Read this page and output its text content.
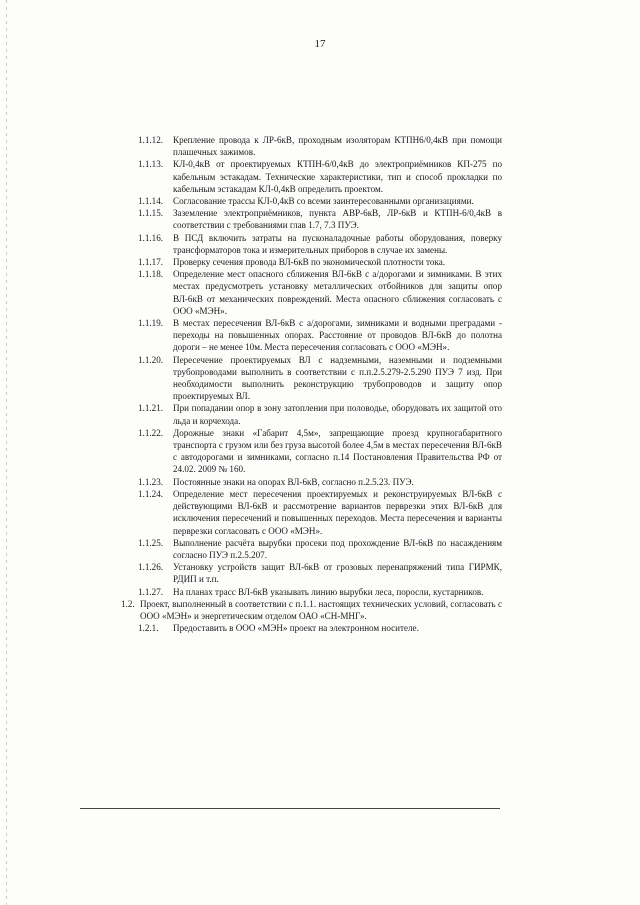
17
1.1.12.	Крепление провода к ЛР-6кВ, проходным изоляторам КТПН6/0,4кВ при помощи плашечных зажимов.
1.1.13.	КЛ-0,4кВ от проектируемых КТПН-6/0,4кВ до электроприёмников КП-275 по кабельным эстакадам. Технические характеристики, тип и способ прокладки по кабельным эстакадам КЛ-0,4кВ определить проектом.
1.1.14.	Согласование трассы КЛ-0,4кВ со всеми заинтересованными организациями.
1.1.15.	Заземление электроприёмников, пункта АВР-6кВ, ЛР-6кВ и КТПН-6/0,4кВ в соответствии с требованиями глав 1.7, 7.3 ПУЭ.
1.1.16.	В ПСД включить затраты на пусконаладочные работы оборудования, поверку трансформаторов тока и измерительных приборов в случае их замены.
1.1.17.	Проверку сечения провода ВЛ-6кВ по экономической плотности тока.
1.1.18.	Определение мест опасного сближения ВЛ-6кВ с а/дорогами и зимниками. В этих местах предусмотреть установку металлических отбойников для защиты опор ВЛ-6кВ от механических повреждений. Места опасного сближения согласовать с ООО «МЭН».
1.1.19.	В местах пересечения ВЛ-6кВ с а/дорогами, зимниками и водными преградами - переходы на повышенных опорах. Расстояние от проводов ВЛ-6кВ до полотна дороги – не менее 10м. Места пересечения согласовать с ООО «МЭН».
1.1.20.	Пересечение проектируемых ВЛ с надземными, наземными и подземными трубопроводами выполнить в соответствии с п.п.2.5.279-2.5.290 ПУЭ 7 изд. При необходимости выполнить реконструкцию трубопроводов и защиту опор проектируемых ВЛ.
1.1.21.	При попадании опор в зону затопления при половодье, оборудовать их защитой ото льда и корчехода.
1.1.22.	Дорожные знаки «Габарит 4,5м», запрещающие проезд крупногабаритного транспорта с грузом или без груза высотой более 4,5м в местах пересечения ВЛ-6кВ с автодорогами и зимниками, согласно п.14 Постановления Правительства РФ от 24.02. 2009 № 160.
1.1.23.	Постоянные знаки на опорах ВЛ-6кВ, согласно п.2.5.23. ПУЭ.
1.1.24.	Определение мест пересечения проектируемых и реконструируемых ВЛ-6кВ с действующими ВЛ-6кВ и рассмотрение вариантов перврезки этих ВЛ-6кВ для исключения пересечений и повышенных переходов. Места пересечения и варианты перврезки согласовать с ООО «МЭН».
1.1.25.	Выполнение расчёта вырубки просеки под прохождение ВЛ-6кВ по насаждениям согласно ПУЭ п.2.5.207.
1.1.26.	Установку устройств защит ВЛ-6кВ от грозовых перенапряжений типа ГИРМК, РДИП и т.п.
1.1.27.	На планах трасс ВЛ-6кВ указывать линию вырубки леса, поросли, кустарников.
1.2. Проект, выполненный в соответствии с п.1.1. настоящих технических условий, согласовать с ООО «МЭН» и энергетическим отделом ОАО «СН-МНГ».
1.2.1.	Предоставить в ООО «МЭН» проект на электронном носителе.
